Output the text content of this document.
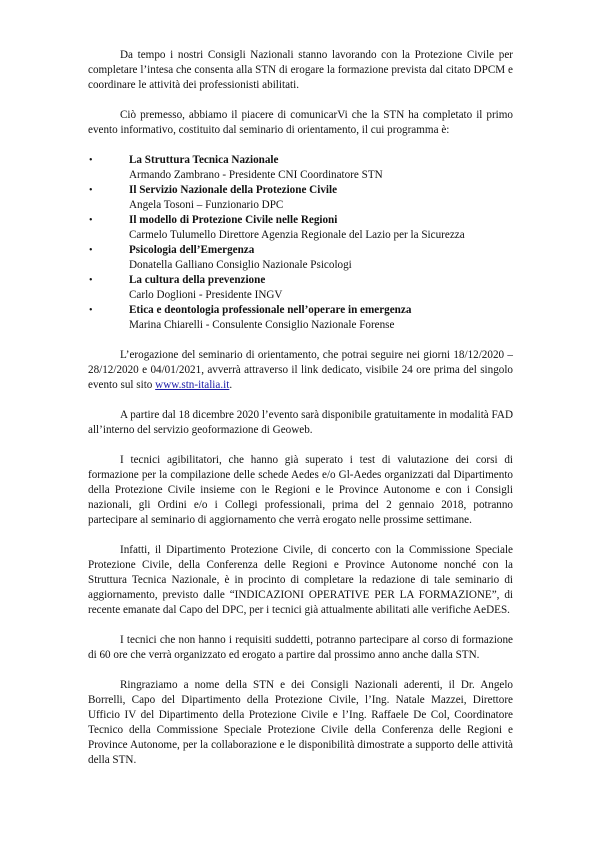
Da tempo i nostri Consigli Nazionali stanno lavorando con la Protezione Civile per completare l’intesa che consenta alla STN di erogare la formazione prevista dal citato DPCM e coordinare le attività dei professionisti abilitati.

Ciò premesso, abbiamo il piacere di comunicarVi che la STN ha completato il primo evento informativo, costituito dal seminario di orientamento, il cui programma è:

•	La Struttura Tecnica Nazionale
Armando Zambrano - Presidente CNI Coordinatore STN
•	Il Servizio Nazionale della Protezione Civile
Angela Tosoni – Funzionario DPC
•	Il modello di Protezione Civile nelle Regioni
Carmelo Tulumello Direttore Agenzia Regionale del Lazio per la Sicurezza
•	Psicologia dell’Emergenza
Donatella Galliano Consiglio Nazionale Psicologi
•	La cultura della prevenzione
Carlo Doglioni - Presidente INGV
•	Etica e deontologia professionale nell’operare in emergenza
Marina Chiarelli - Consulente Consiglio Nazionale Forense

L’erogazione del seminario di orientamento, che potrai seguire nei giorni 18/12/2020 – 28/12/2020 e 04/01/2021, avverrà attraverso il link dedicato, visibile 24 ore prima del singolo evento sul sito www.stn-italia.it.

A partire dal 18 dicembre 2020 l’evento sarà disponibile gratuitamente in modalità FAD all’interno del servizio geoformazione di Geoweb.

I tecnici agibilitatori, che hanno già superato i test di valutazione dei corsi di formazione per la compilazione delle schede Aedes e/o Gl-Aedes organizzati dal Dipartimento della Protezione Civile insieme con le Regioni e le Province Autonome e con i Consigli nazionali, gli Ordini e/o i Collegi professionali, prima del 2 gennaio 2018, potranno partecipare al seminario di aggiornamento che verrà erogato nelle prossime settimane.

Infatti, il Dipartimento Protezione Civile, di concerto con la Commissione Speciale Protezione Civile, della Conferenza delle Regioni e Province Autonome nonché con la Struttura Tecnica Nazionale, è in procinto di completare la redazione di tale seminario di aggiornamento, previsto dalle “INDICAZIONI OPERATIVE PER LA FORMAZIONE”, di recente emanate dal Capo del DPC, per i tecnici già attualmente abilitati alle verifiche AeDES.

I tecnici che non hanno i requisiti suddetti, potranno partecipare al corso di formazione di 60 ore che verrà organizzato ed erogato a partire dal prossimo anno anche dalla STN.

Ringraziamo a nome della STN e dei Consigli Nazionali aderenti, il Dr. Angelo Borrelli, Capo del Dipartimento della Protezione Civile, l’Ing. Natale Mazzei, Direttore Ufficio IV del Dipartimento della Protezione Civile e l’Ing. Raffaele De Col, Coordinatore Tecnico della Commissione Speciale Protezione Civile della Conferenza delle Regioni e Province Autonome, per la collaborazione e le disponibilità dimostrate a supporto delle attività della STN.
